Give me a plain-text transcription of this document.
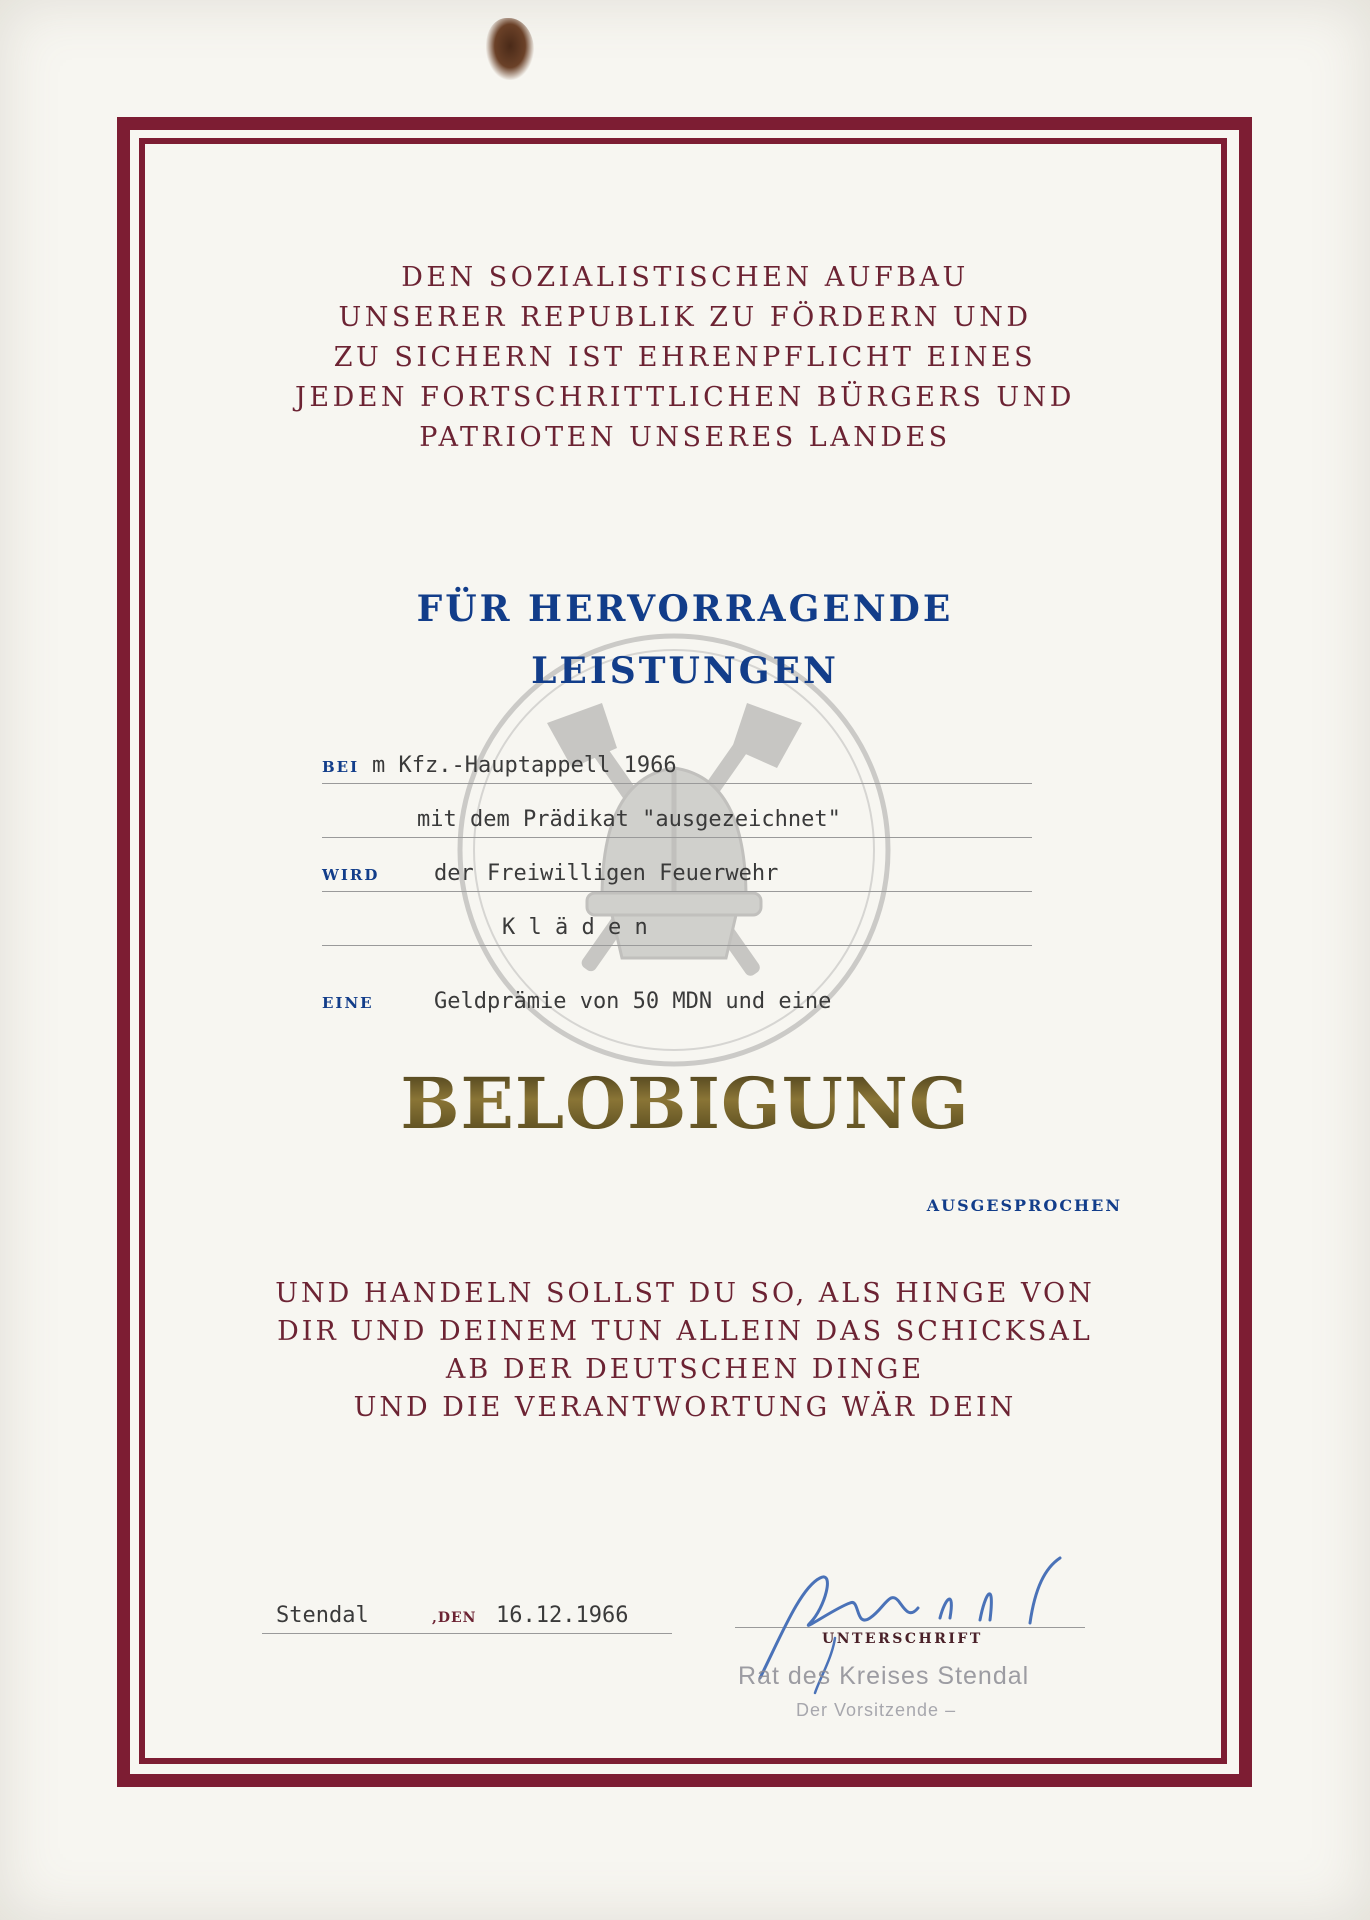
DEN SOZIALISTISCHEN AUFBAU
UNSERER REPUBLIK ZU FÖRDERN UND
ZU SICHERN IST EHRENPFLICHT EINES
JEDEN FORTSCHRITTLICHEN BÜRGERS UND
PATRIOTEN UNSERES LANDES
FÜR HERVORRAGENDE
LEISTUNGEN
BEI m Kfz.-Hauptappell 1966
mit dem Prädikat "ausgezeichnet"
WIRD der Freiwilligen Feuerwehr
K l ä d e n
EINE	Geldprämie von 50 MDN und eine
BELOBIGUNG
AUSGESPROCHEN
UND HANDELN SOLLST DU SO, ALS HINGE VON
DIR UND DEINEM TUN ALLEIN DAS SCHICKSAL
AB DER DEUTSCHEN DINGE
UND DIE VERANTWORTUNG WÄR DEIN
Stendal	,DEN 16.12.1966
UNTERSCHRIFT
Rat des Kreises Stendal
Der Vorsitzende –
